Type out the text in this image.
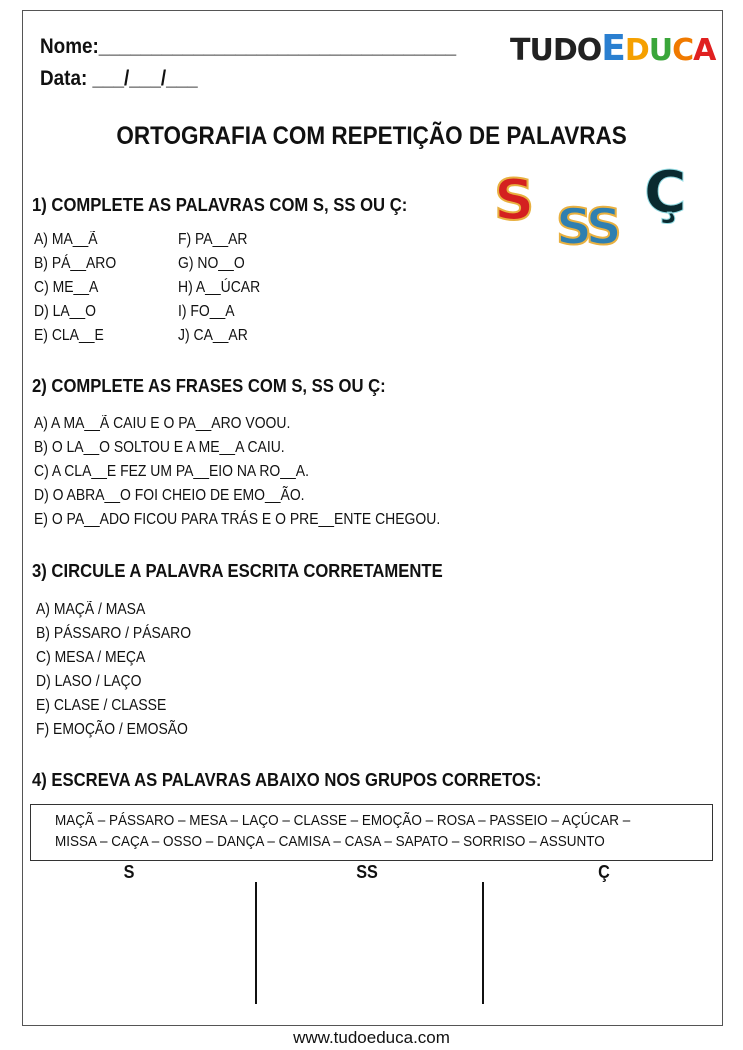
Nome:__________________________________
Data: ___/___/___
TUDOEDUCA
ORTOGRAFIA COM REPETIÇÃO DE PALAVRAS
S SS
Ç
1) COMPLETE AS PALAVRAS COM S, SS OU Ç:
A) MA__Ã
B) PÁ__ARO
C) ME__A
D) LA__O
E) CLA__E
F) PA__AR
G) NO__O
H) A__ÚCAR
I) FO__A
J) CA__AR
2) COMPLETE AS FRASES COM S, SS OU Ç:
A) A MA__Ã CAIU E O PA__ARO VOOU.
B) O LA__O SOLTOU E A ME__A CAIU.
C) A CLA__E FEZ UM PA__EIO NA RO__A.
D) O ABRA__O FOI CHEIO DE EMO__ÃO.
E) O PA__ADO FICOU PARA TRÁS E O PRE__ENTE CHEGOU.
3) CIRCULE A PALAVRA ESCRITA CORRETAMENTE
A) MAÇÃ / MASA
B) PÁSSARO / PÁSARO
C) MESA / MEÇA
D) LASO / LAÇO
E) CLASE / CLASSE
F) EMOÇÃO / EMOSÃO
4) ESCREVA AS PALAVRAS ABAIXO NOS GRUPOS CORRETOS:
MAÇÃ – PÁSSARO – MESA – LAÇO – CLASSE – EMOÇÃO – ROSA – PASSEIO – AÇÚCAR –
MISSA – CAÇA – OSSO – DANÇA – CAMISA – CASA – SAPATO – SORRISO – ASSUNTO
S	SS	Ç
www.tudoeduca.com
